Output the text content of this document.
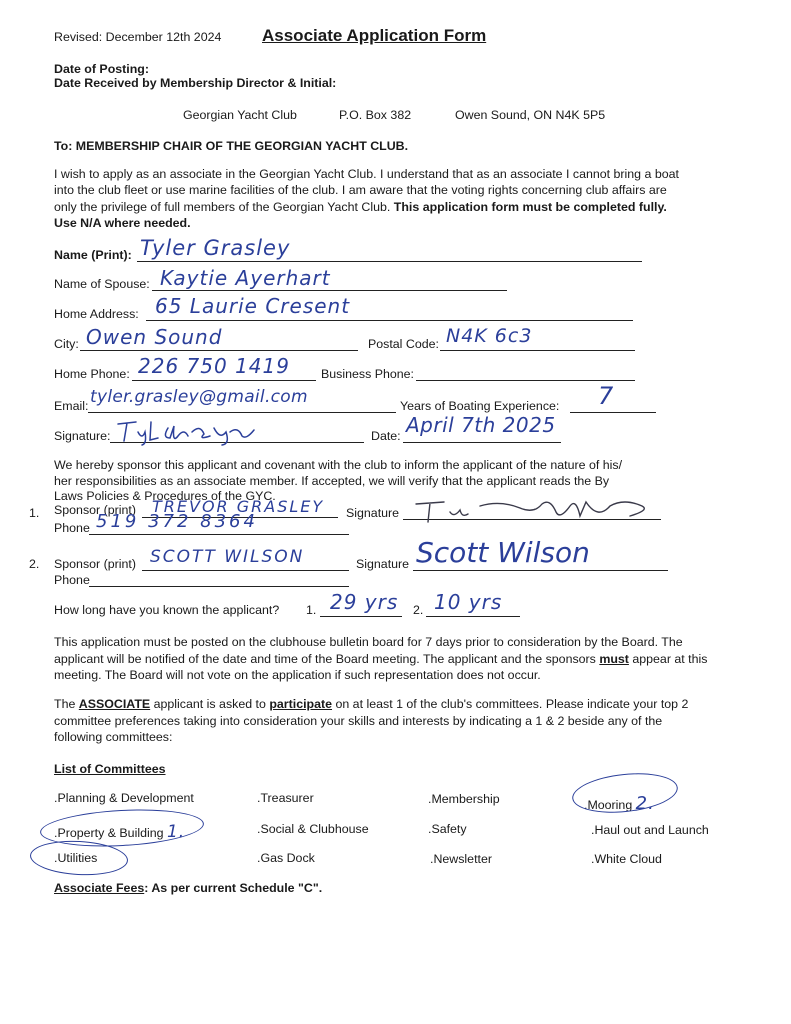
Revised: December 12th 2024 Associate Application Form
Date of Posting:
Date Received by Membership Director & Initial:
Georgian Yacht Club	P.O. Box 382	Owen Sound, ON N4K 5P5
To: MEMBERSHIP CHAIR OF THE GEORGIAN YACHT CLUB.
I wish to apply as an associate in the Georgian Yacht Club. I understand that as an associate I cannot bring a boat
into the club fleet or use marine facilities of the club. I am aware that the voting rights concerning club affairs are
only the privilege of full members of the Georgian Yacht Club. This application form must be completed fully.
Use N/A where needed.
Name (Print): Tyler Grasley
Name of Spouse: Kaytie Ayerhart
Home Address: 65 Laurie Cresent
City: Owen Sound	Postal Code: N4K 6c3
Home Phone: 226 750 1419	Business Phone:
Email: tyler.grasley@gmail.com	Years of Boating Experience: 7
Signature:	Date: April 7th 2025
We hereby sponsor this applicant and covenant with the club to inform the applicant of the nature of his/
her responsibilities as an associate member. If accepted, we will verify that the applicant reads the By
Laws Policies & Procedures of the GYC.
1. Sponsor (print) TREVOR GRASLEY Signature
Phone 519 372 8364
2. Sponsor (print) SCOTT WILSON	Signature Scott Wilson
Phone
How long have you known the applicant? 1. 29 yrs 2. 10 yrs
This application must be posted on the clubhouse bulletin board for 7 days prior to consideration by the Board. The
applicant will be notified of the date and time of the Board meeting. The applicant and the sponsors must appear at this
meeting. The Board will not vote on the application if such representation does not occur.
The ASSOCIATE applicant is asked to participate on at least 1 of the club's committees. Please indicate your top 2
committee preferences taking into consideration your skills and interests by indicating a 1 & 2 beside any of the
following committees:
List of Committees
.Planning & Development	.Treasurer	.Membership	.Mooring 2.
.Property & Building 1.	.Social & Clubhouse	.Safety	.Haul out and Launch
.Utilities	.Gas Dock	.Newsletter	.White Cloud
Associate Fees: As per current Schedule "C".
